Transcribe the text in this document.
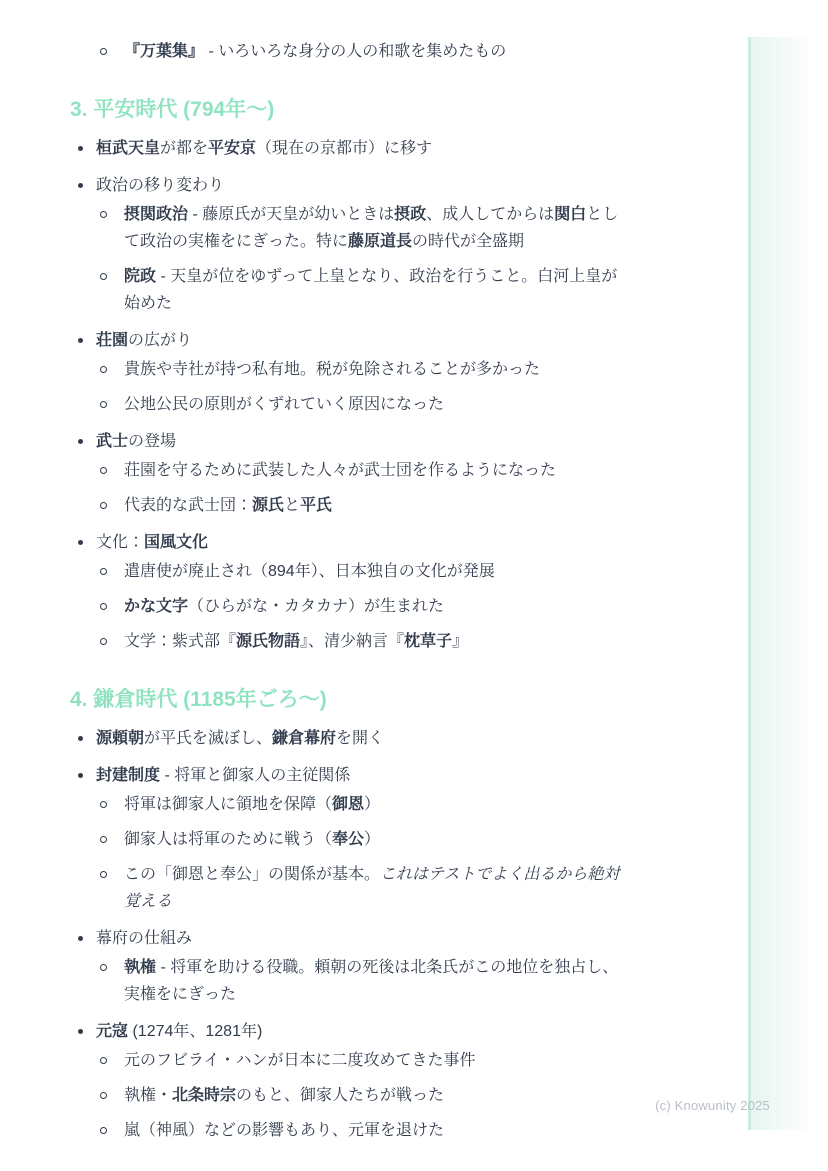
『万葉集』 - いろいろな身分の人の和歌を集めたもの
3. 平安時代 (794年〜)
桓武天皇が都を平安京（現在の京都市）に移す
政治の移り変わり
摂関政治 - 藤原氏が天皇が幼いときは摂政、成人してからは関白として政治の実権をにぎった。特に藤原道長の時代が全盛期
院政 - 天皇が位をゆずって上皇となり、政治を行うこと。白河上皇が始めた
荘園の広がり
貴族や寺社が持つ私有地。税が免除されることが多かった
公地公民の原則がくずれていく原因になった
武士の登場
荘園を守るために武装した人々が武士団を作るようになった
代表的な武士団：源氏と平氏
文化：国風文化
遣唐使が廃止され（894年）、日本独自の文化が発展
かな文字（ひらがな・カタカナ）が生まれた
文学：紫式部『源氏物語』、清少納言『枕草子』
4. 鎌倉時代 (1185年ごろ〜)
源頼朝が平氏を滅ぼし、鎌倉幕府を開く
封建制度 - 将軍と御家人の主従関係
将軍は御家人に領地を保障（御恩）
御家人は将軍のために戦う（奉公）
この「御恩と奉公」の関係が基本。これはテストでよく出るから絶対覚える
幕府の仕組み
執権 - 将軍を助ける役職。頼朝の死後は北条氏がこの地位を独占し、実権をにぎった
元寇 (1274年、1281年)
元のフビライ・ハンが日本に二度攻めてきた事件
執権・北条時宗のもと、御家人たちが戦った
嵐（神風）などの影響もあり、元軍を退けた
(c) Knowunity 2025
